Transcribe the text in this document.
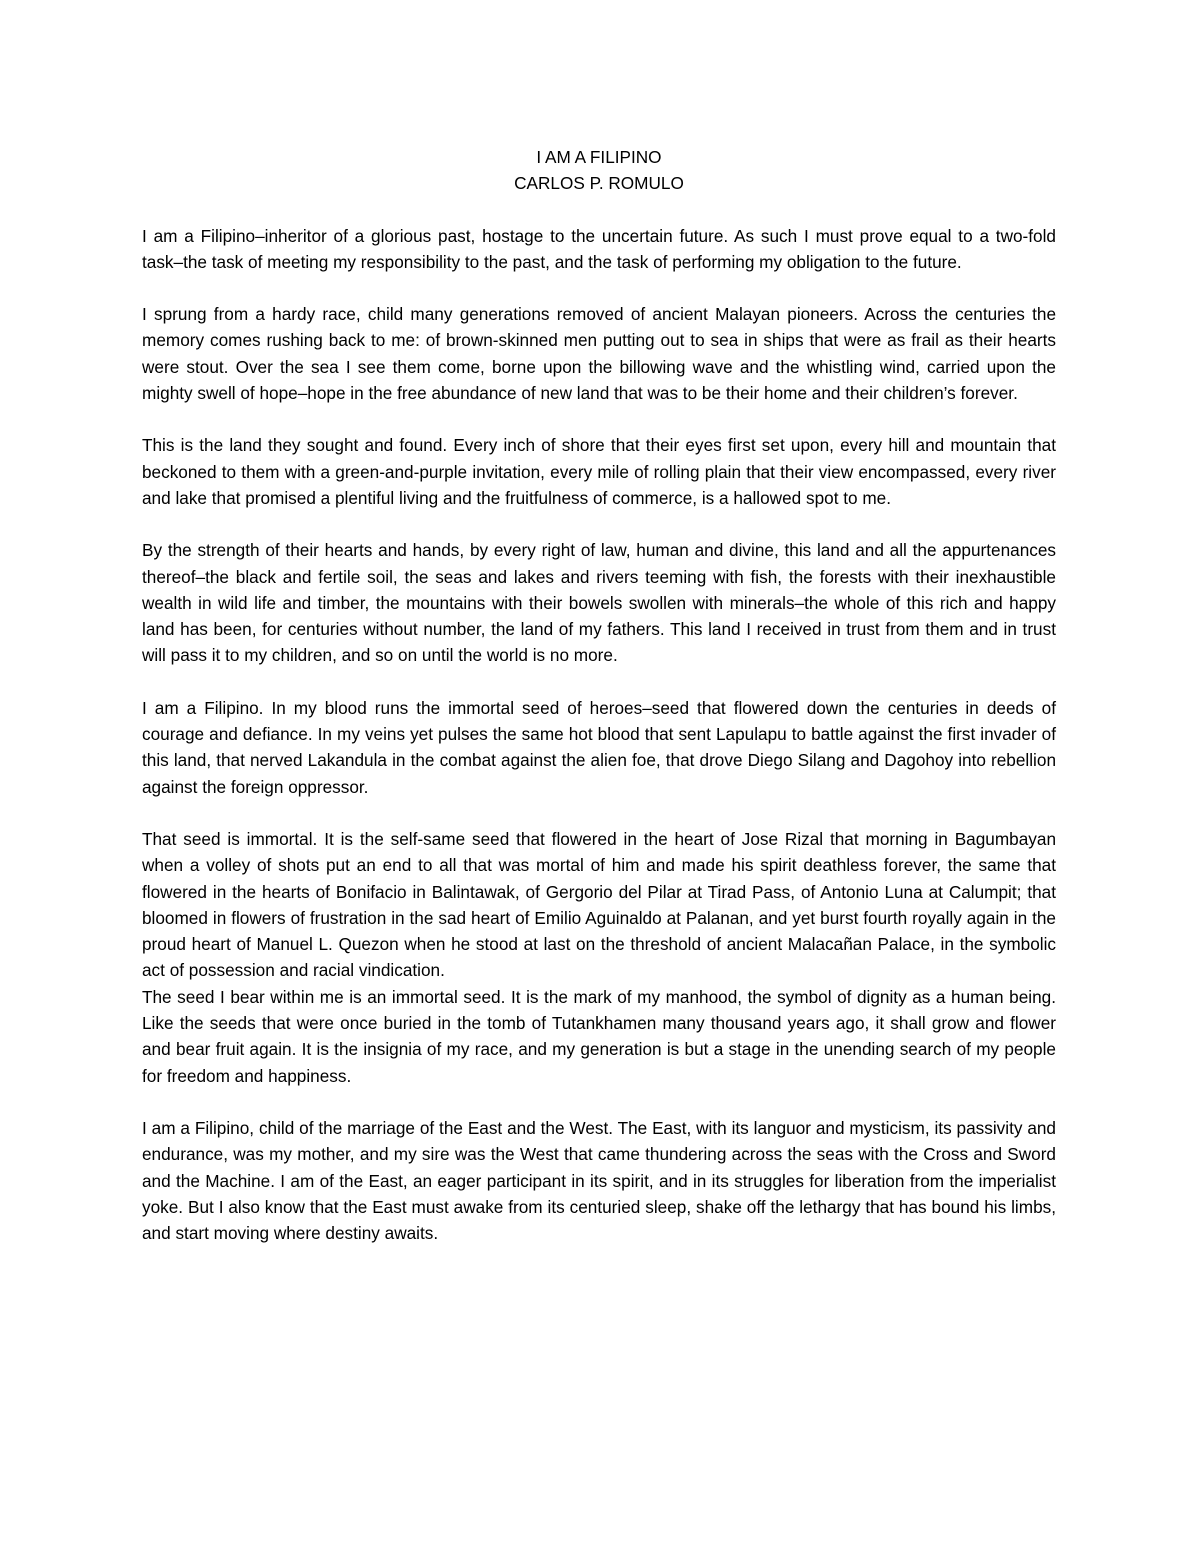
I AM A FILIPINO
CARLOS P. ROMULO

I am a Filipino–inheritor of a glorious past, hostage to the uncertain future. As such I must prove equal to a two-fold task–the task of meeting my responsibility to the past, and the task of performing my obligation to the future.

I sprung from a hardy race, child many generations removed of ancient Malayan pioneers. Across the centuries the memory comes rushing back to me: of brown-skinned men putting out to sea in ships that were as frail as their hearts were stout. Over the sea I see them come, borne upon the billowing wave and the whistling wind, carried upon the mighty swell of hope–hope in the free abundance of new land that was to be their home and their children’s forever.

This is the land they sought and found. Every inch of shore that their eyes first set upon, every hill and mountain that beckoned to them with a green-and-purple invitation, every mile of rolling plain that their view encompassed, every river and lake that promised a plentiful living and the fruitfulness of commerce, is a hallowed spot to me.

By the strength of their hearts and hands, by every right of law, human and divine, this land and all the appurtenances thereof–the black and fertile soil, the seas and lakes and rivers teeming with fish, the forests with their inexhaustible wealth in wild life and timber, the mountains with their bowels swollen with minerals–the whole of this rich and happy land has been, for centuries without number, the land of my fathers. This land I received in trust from them and in trust will pass it to my children, and so on until the world is no more.

I am a Filipino. In my blood runs the immortal seed of heroes–seed that flowered down the centuries in deeds of courage and defiance. In my veins yet pulses the same hot blood that sent Lapulapu to battle against the first invader of this land, that nerved Lakandula in the combat against the alien foe, that drove Diego Silang and Dagohoy into rebellion against the foreign oppressor.

That seed is immortal. It is the self-same seed that flowered in the heart of Jose Rizal that morning in Bagumbayan when a volley of shots put an end to all that was mortal of him and made his spirit deathless forever, the same that flowered in the hearts of Bonifacio in Balintawak, of Gergorio del Pilar at Tirad Pass, of Antonio Luna at Calumpit; that bloomed in flowers of frustration in the sad heart of Emilio Aguinaldo at Palanan, and yet burst fourth royally again in the proud heart of Manuel L. Quezon when he stood at last on the threshold of ancient Malacañan Palace, in the symbolic act of possession and racial vindication.

The seed I bear within me is an immortal seed. It is the mark of my manhood, the symbol of dignity as a human being. Like the seeds that were once buried in the tomb of Tutankhamen many thousand years ago, it shall grow and flower and bear fruit again. It is the insignia of my race, and my generation is but a stage in the unending search of my people for freedom and happiness.

I am a Filipino, child of the marriage of the East and the West. The East, with its languor and mysticism, its passivity and endurance, was my mother, and my sire was the West that came thundering across the seas with the Cross and Sword and the Machine. I am of the East, an eager participant in its spirit, and in its struggles for liberation from the imperialist yoke. But I also know that the East must awake from its centuried sleep, shake off the lethargy that has bound his limbs, and start moving where destiny awaits.
